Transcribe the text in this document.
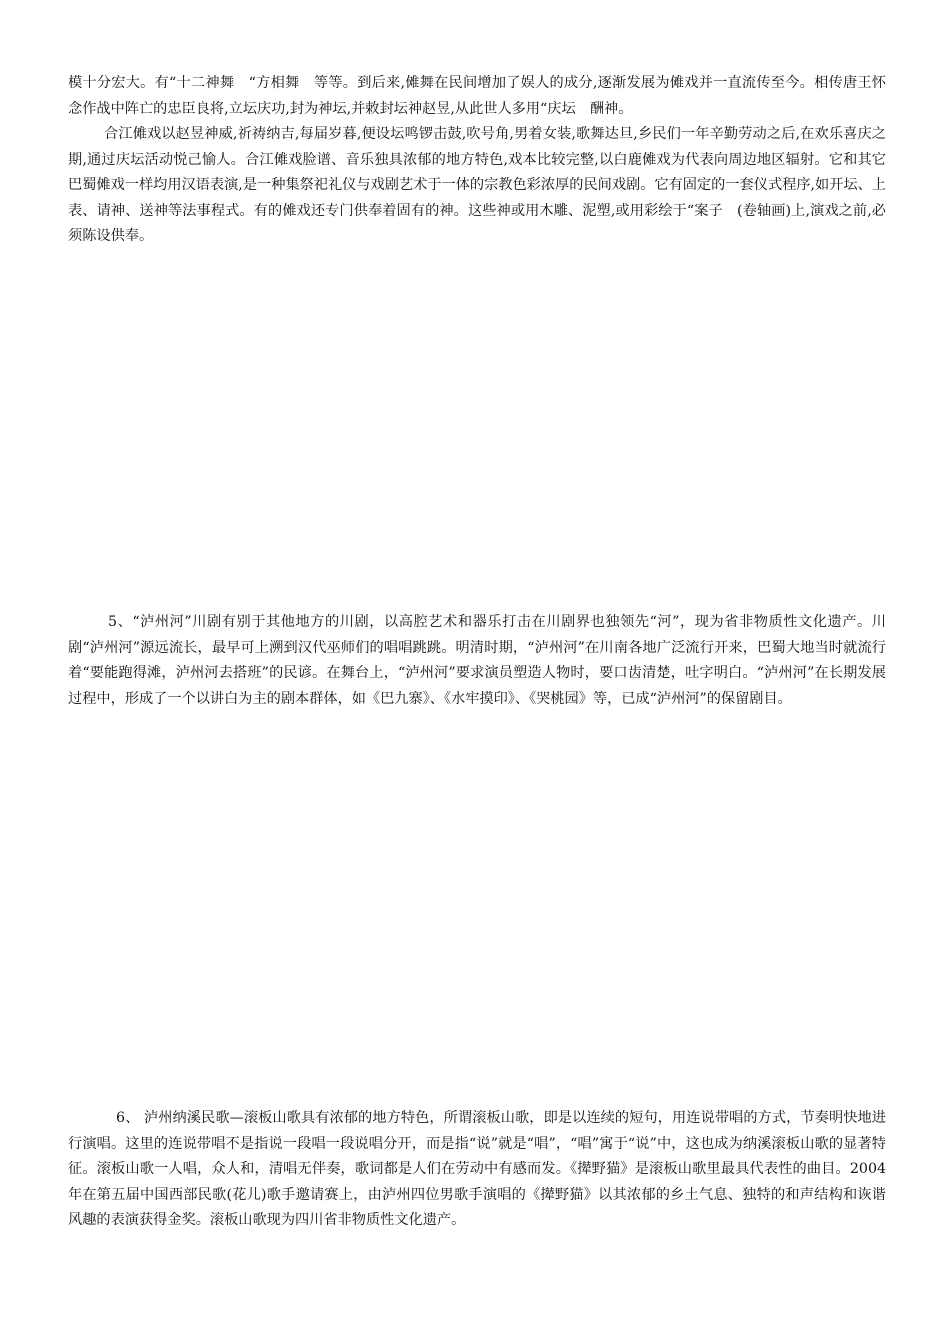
模十分宏大。有“十二神舞　“方相舞　等等。到后来,傩舞在民间增加了娱人的成分,逐渐发展为傩戏并一直流传至今。相传唐王怀念作战中阵亡的忠臣良将,立坛庆功,封为神坛,并敕封坛神赵昱,从此世人多用“庆坛　酬神。

合江傩戏以赵昱神威,祈祷纳吉,每届岁暮,便设坛鸣锣击鼓,吹号角,男着女装,歌舞达旦,乡民们一年辛勤劳动之后,在欢乐喜庆之期,通过庆坛活动悦己愉人。合江傩戏脸谱、音乐独具浓郁的地方特色,戏本比较完整,以白鹿傩戏为代表向周边地区辐射。它和其它巴蜀傩戏一样均用汉语表演,是一种集祭祀礼仪与戏剧艺术于一体的宗教色彩浓厚的民间戏剧。它有固定的一套仪式程序,如开坛、上表、请神、送神等法事程式。有的傩戏还专门供奉着固有的神。这些神或用木雕、泥塑,或用彩绘于“案子　(卷轴画)上,演戏之前,必须陈设供奉。

5、“泸州河”川剧有别于其他地方的川剧，以高腔艺术和器乐打击在川剧界也独领先“河”，现为省非物质性文化遗产。川剧“泸州河”源远流长，最早可上溯到汉代巫师们的唱唱跳跳。明清时期，“泸州河”在川南各地广泛流行开来，巴蜀大地当时就流行着“要能跑得滩，泸州河去搭班”的民谚。在舞台上，“泸州河”要求演员塑造人物时，要口齿清楚，吐字明白。“泸州河”在长期发展过程中，形成了一个以讲白为主的剧本群体，如《巴九寨》、《水牢摸印》、《哭桃园》等，已成“泸州河”的保留剧目。

6、 泸州纳溪民歌—滚板山歌具有浓郁的地方特色，所谓滚板山歌，即是以连续的短句，用连说带唱的方式，节奏明快地进行演唱。这里的连说带唱不是指说一段唱一段说唱分开，而是指“说”就是“唱”，“唱”寓于“说”中，这也成为纳溪滚板山歌的显著特征。滚板山歌一人唱，众人和，清唱无伴奏，歌词都是人们在劳动中有感而发。《撵野猫》是滚板山歌里最具代表性的曲目。2004年在第五届中国西部民歌(花儿)歌手邀请赛上，由泸州四位男歌手演唱的《撵野猫》以其浓郁的乡土气息、独特的和声结构和诙谐风趣的表演获得金奖。滚板山歌现为四川省非物质性文化遗产。
